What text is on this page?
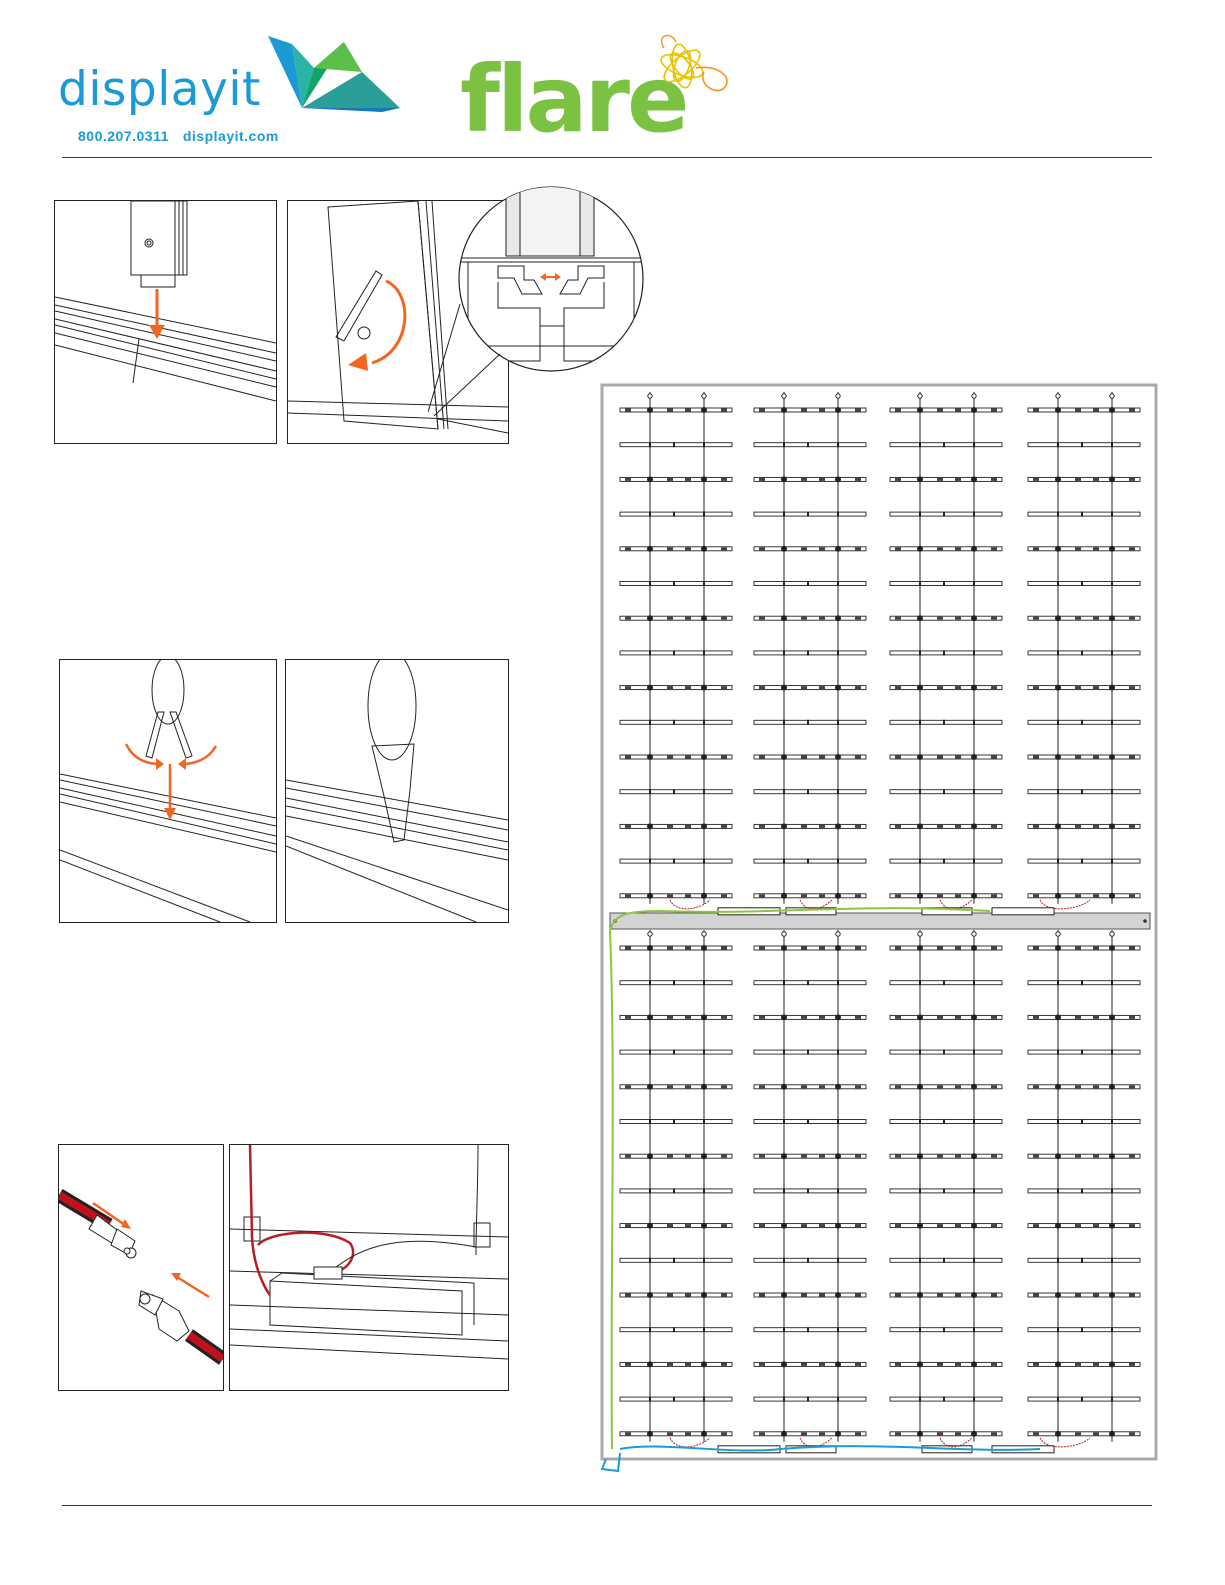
displayit
800.207.0311 displayit.com flare
